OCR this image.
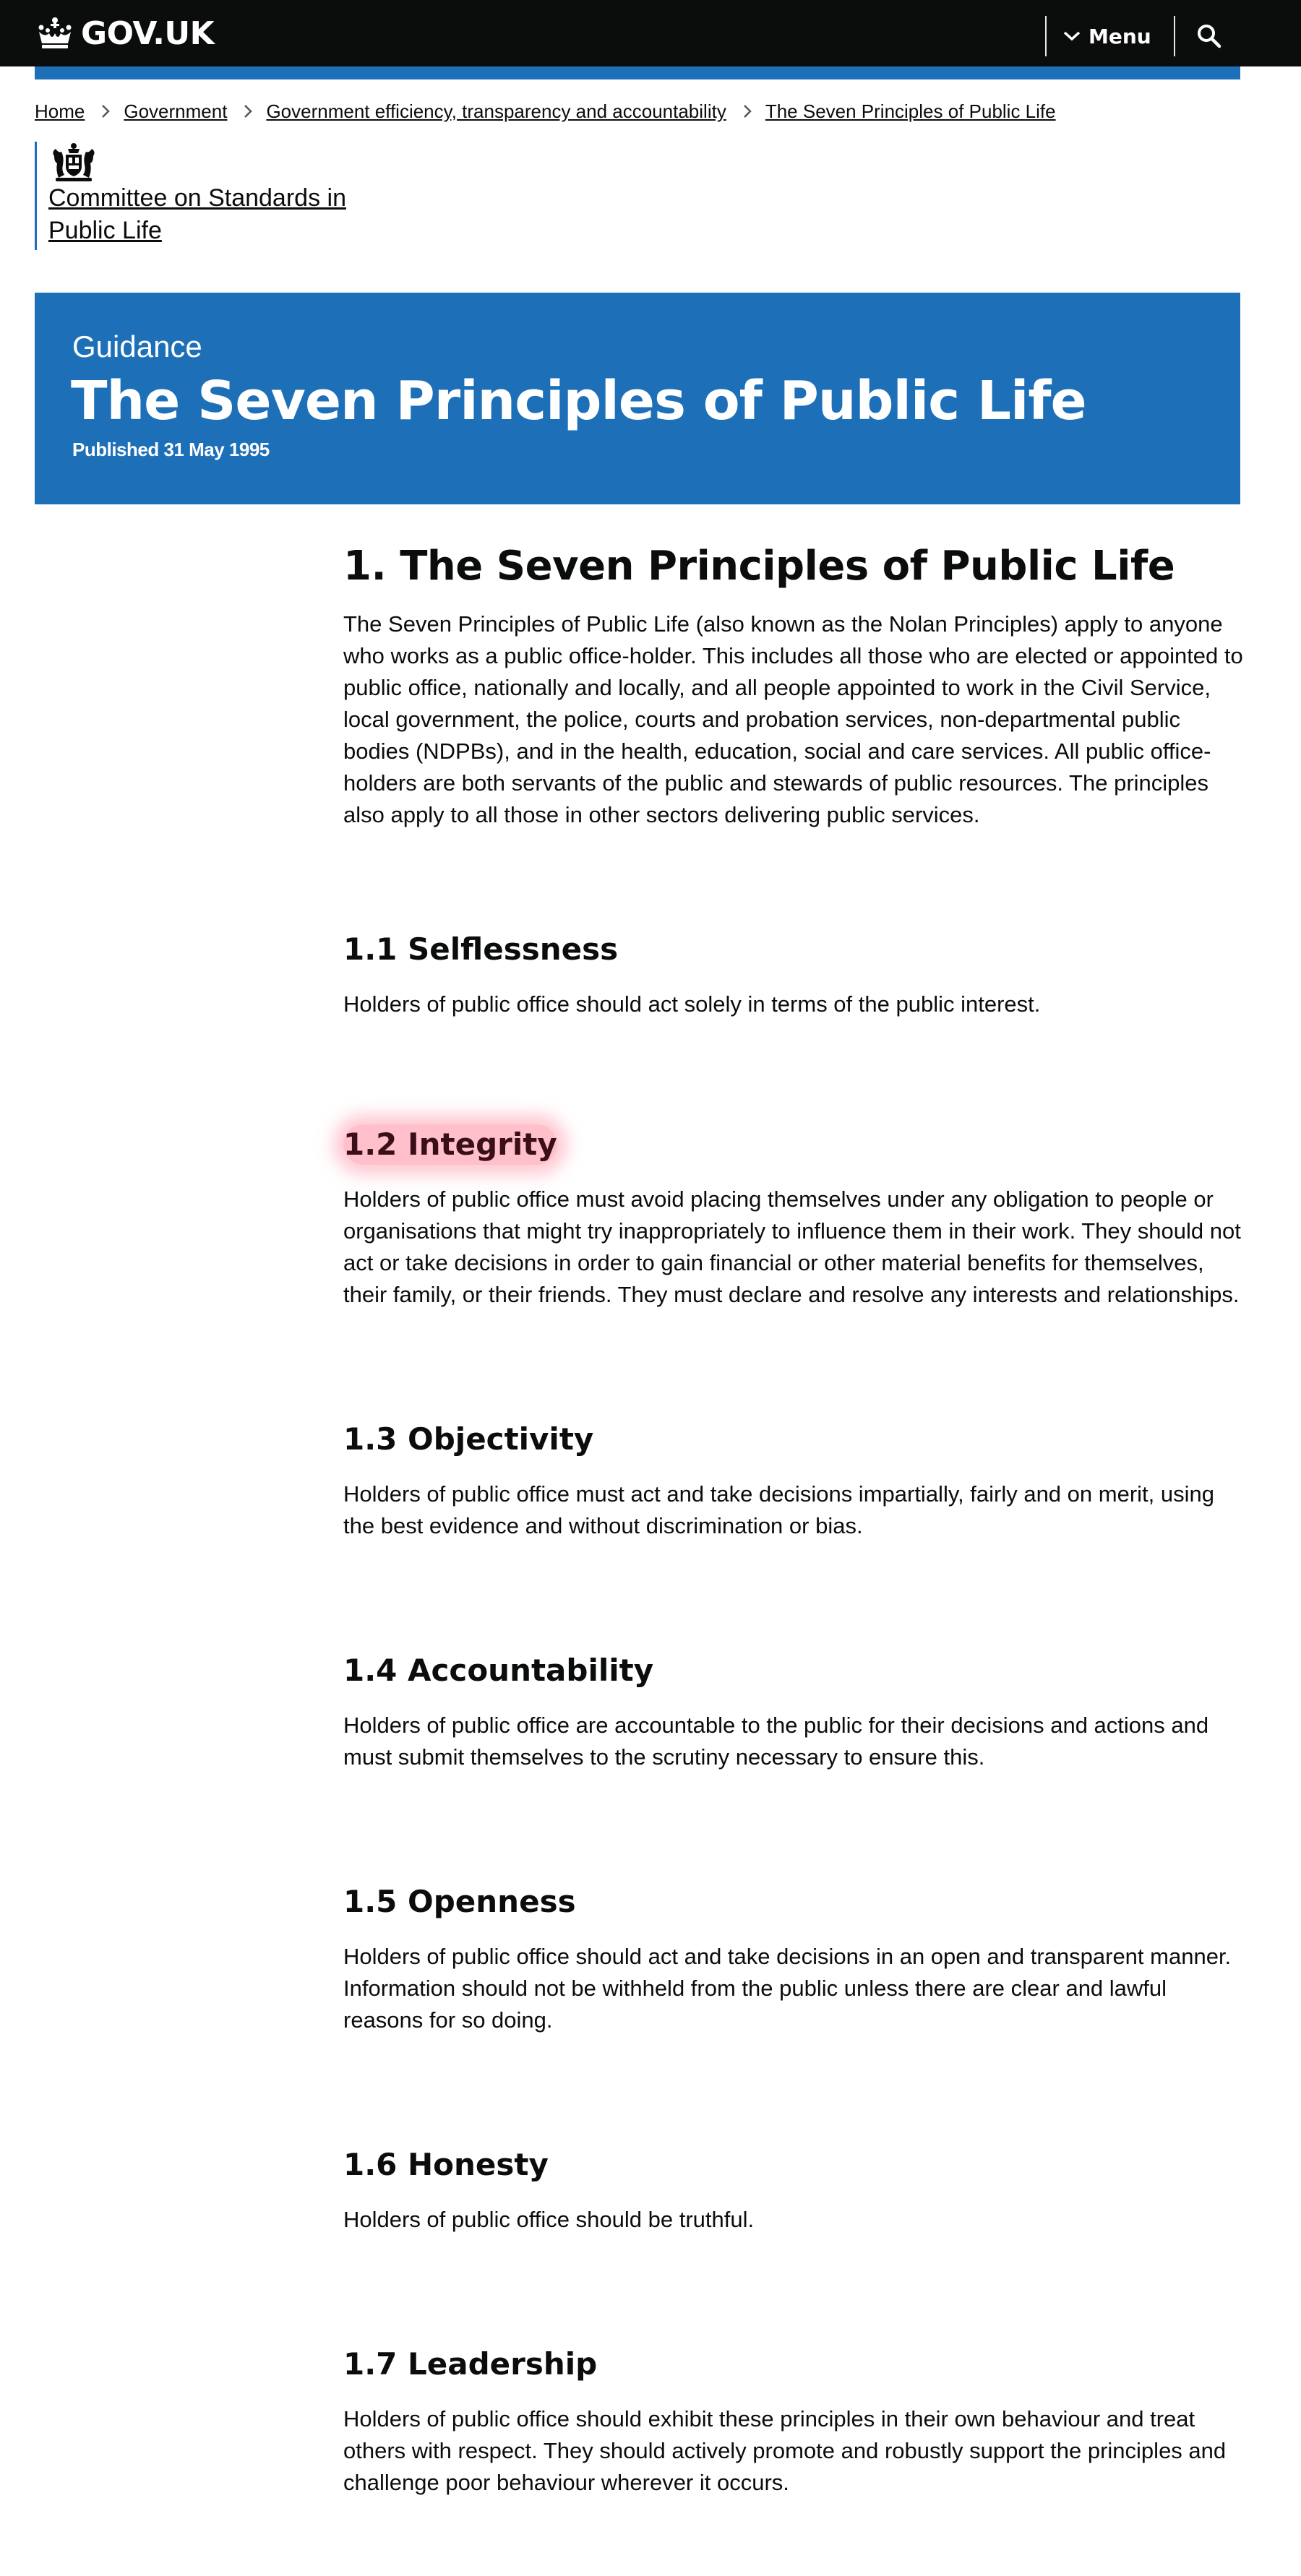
GOV.UK	Menu
Home Government Government efficiency, transparency and accountability The Seven Principles of Public Life
Committee on Standards in Public Life
Guidance
The Seven Principles of Public Life
Published 31 May 1995
1. The Seven Principles of Public Life

The Seven Principles of Public Life (also known as the Nolan Principles) apply to anyone who works as a public office-holder. This includes all those who are elected or appointed to public office, nationally and locally, and all people appointed to work in the Civil Service, local government, the police, courts and probation services, non-departmental public bodies (NDPBs), and in the health, education, social and care services. All public office-holders are both servants of the public and stewards of public resources. The principles also apply to all those in other sectors delivering public services.

1.1 Selflessness

Holders of public office should act solely in terms of the public interest.

1.2 Integrity

Holders of public office must avoid placing themselves under any obligation to people or organisations that might try inappropriately to influence them in their work. They should not act or take decisions in order to gain financial or other material benefits for themselves, their family, or their friends. They must declare and resolve any interests and relationships.

1.3 Objectivity

Holders of public office must act and take decisions impartially, fairly and on merit, using the best evidence and without discrimination or bias.

1.4 Accountability

Holders of public office are accountable to the public for their decisions and actions and must submit themselves to the scrutiny necessary to ensure this.

1.5 Openness

Holders of public office should act and take decisions in an open and transparent manner. Information should not be withheld from the public unless there are clear and lawful reasons for so doing.

1.6 Honesty

Holders of public office should be truthful.

1.7 Leadership

Holders of public office should exhibit these principles in their own behaviour and treat others with respect. They should actively promote and robustly support the principles and challenge poor behaviour wherever it occurs.
